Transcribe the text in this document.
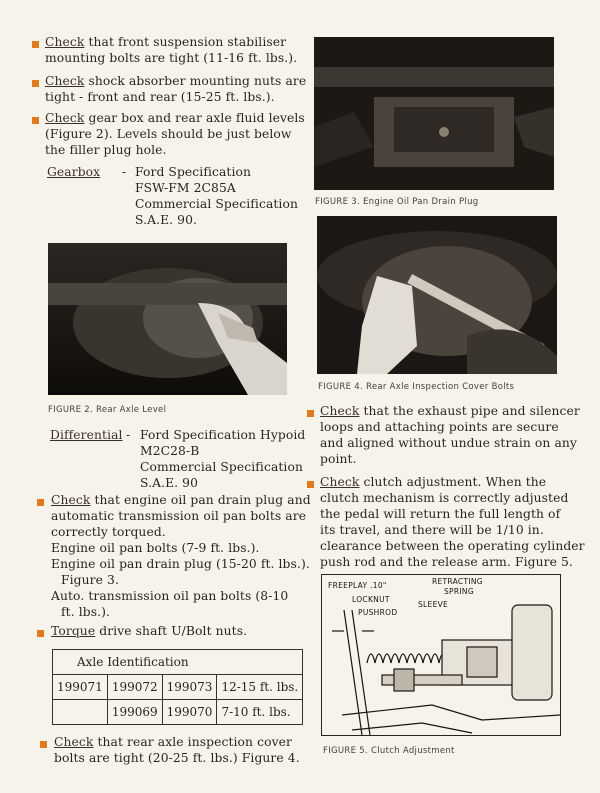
Check that front suspension stabiliser
mounting bolts are tight (11-16 ft. lbs.).
Check shock absorber mounting nuts are
tight - front and rear (15-25 ft. lbs.).
Check gear box and rear axle fluid levels
(Figure 2). Levels should be just below
the filler plug hole.
Gearbox - Ford Specification
FSW-FM 2C85A
Commercial Specification
S.A.E. 90.
FIGURE 2. Rear Axle Level
Differential - Ford Specification Hypoid
M2C28-B
Commercial Specification
S.A.E. 90
Check that engine oil pan drain plug and
automatic transmission oil pan bolts are
correctly torqued.
Engine oil pan bolts (7-9 ft. lbs.).
Engine oil pan drain plug (15-20 ft. lbs.).
Figure 3.
Auto. transmission oil pan bolts (8-10
ft. lbs.).
Torque drive shaft U/Bolt nuts.
Axle Identification			
199071	199072	199073	12-15 ft. lbs.
	199069	199070	7-10 ft. lbs.
Check that rear axle inspection cover
bolts are tight (20-25 ft. lbs.) Figure 4.
FIGURE 3. Engine Oil Pan Drain Plug
FIGURE 4. Rear Axle Inspection Cover Bolts
Check that the exhaust pipe and silencer
loops and attaching points are secure
and aligned without undue strain on any
point.
Check clutch adjustment. When the
clutch mechanism is correctly adjusted
the pedal will return the full length of
its travel, and there will be 1/10 in.
clearance between the operating cylinder
push rod and the release arm. Figure 5.
FREEPLAY .10"
LOCKNUT
PUSHROD
SLEEVE
RETRACTING
SPRING
FIGURE 5. Clutch Adjustment
